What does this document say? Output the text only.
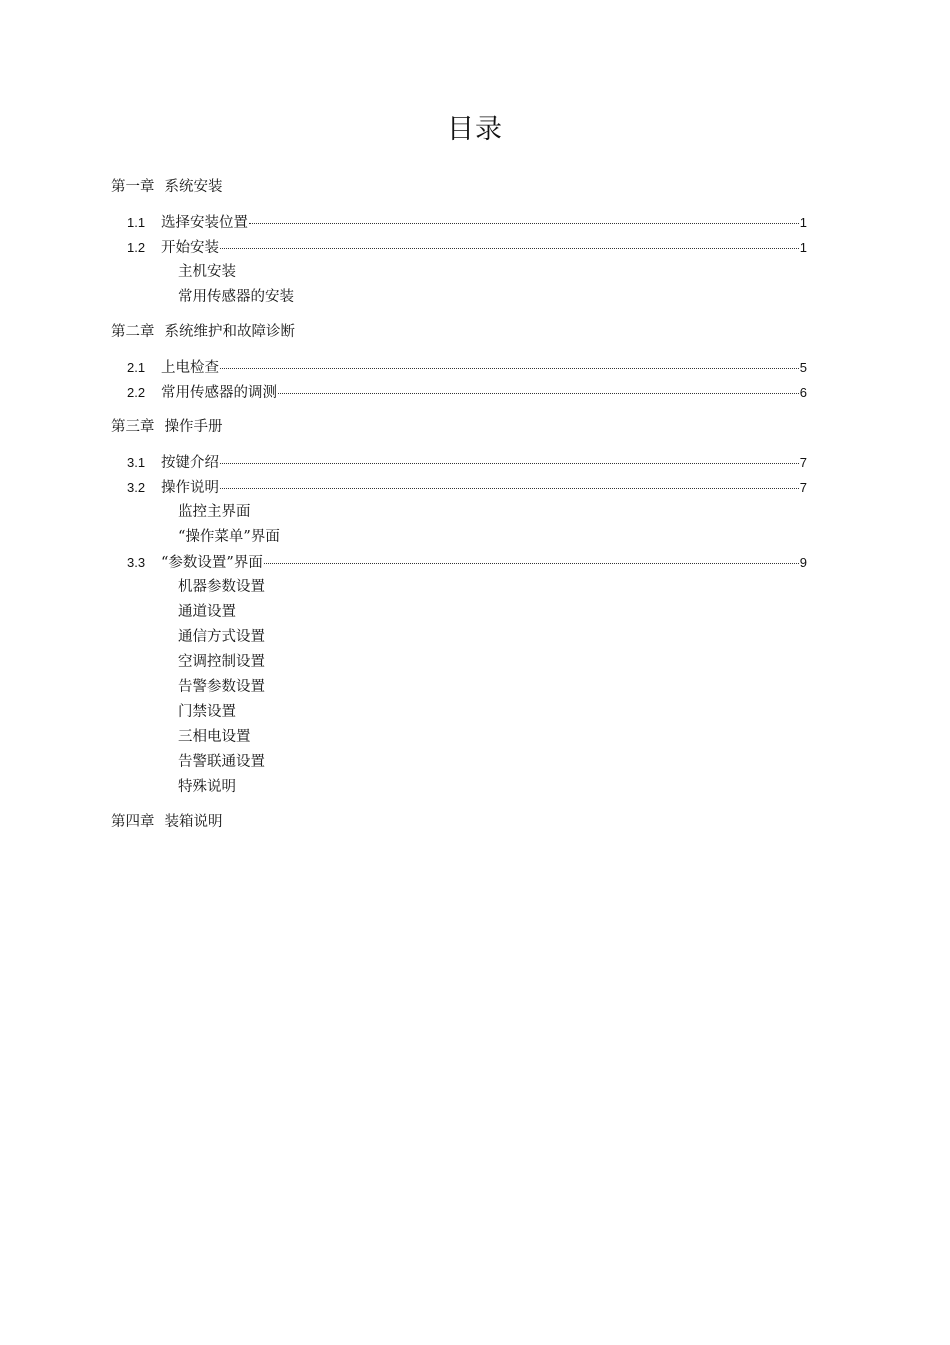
目录
第一章 系统安装
1.1	选择安装位置	1
1.2	开始安装	1
主机安装
常用传感器的安装
第二章 系统维护和故障诊断
2.1	上电检查	5
2.2	常用传感器的调测	6
第三章 操作手册
3.1	按键介绍	7
3.2	操作说明	7
监控主界面
“操作菜单”界面
3.3	“参数设置”界面	9
机器参数设置
通道设置
通信方式设置
空调控制设置
告警参数设置
门禁设置
三相电设置
告警联通设置
特殊说明
第四章 装箱说明
